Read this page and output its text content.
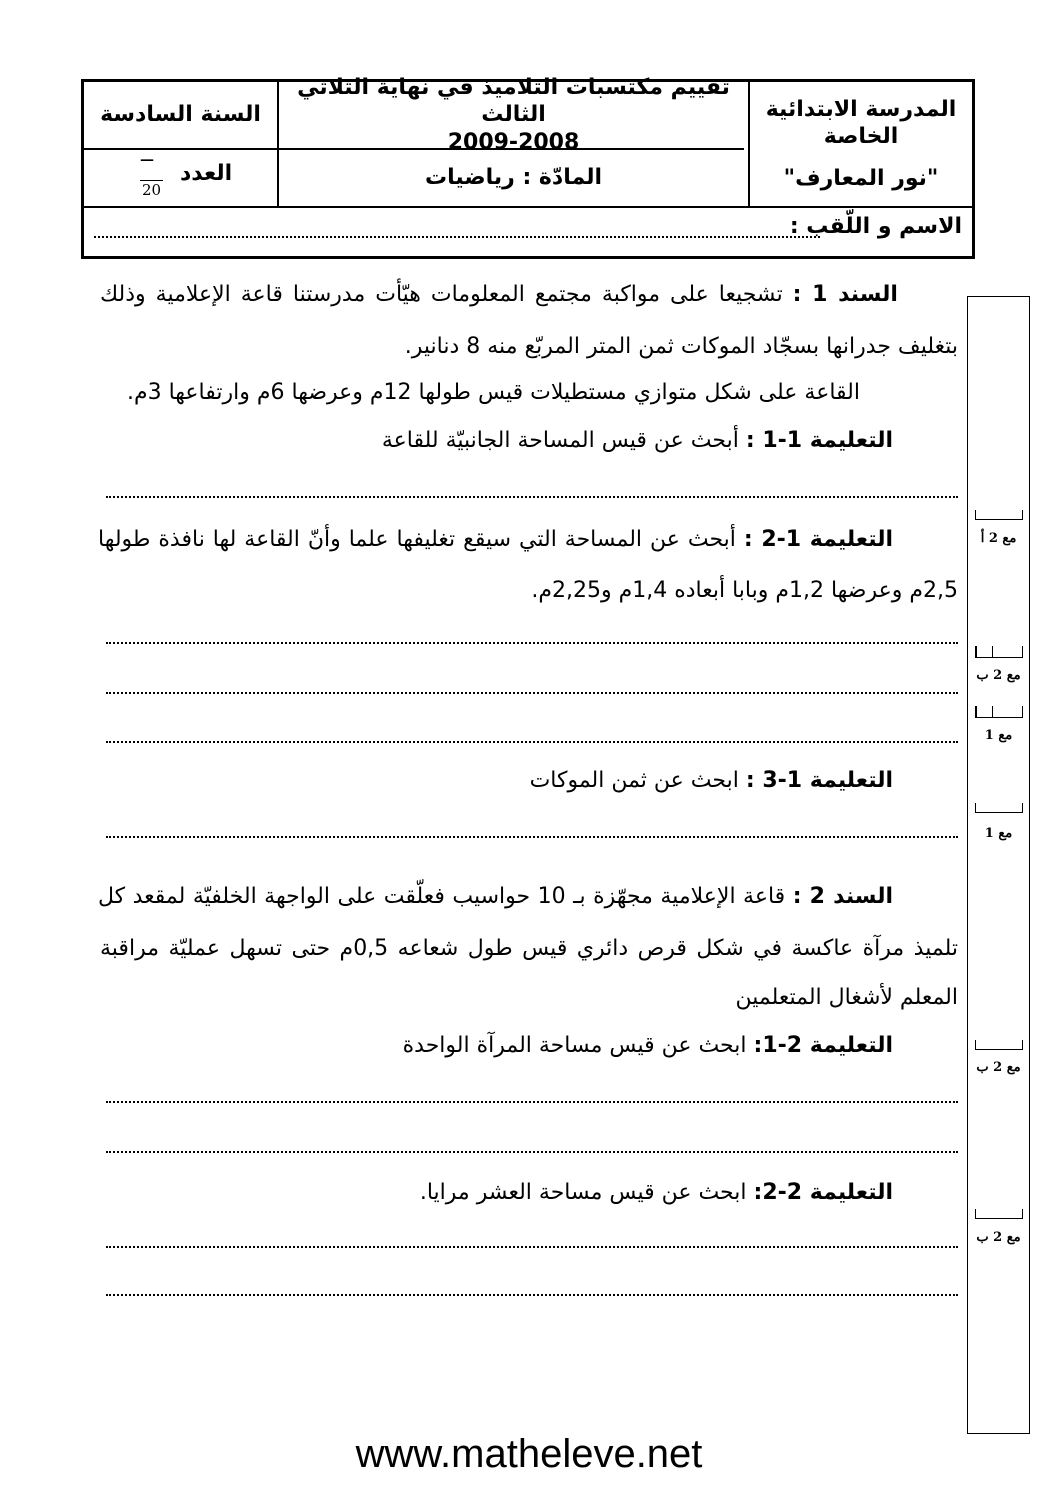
المدرسة الابتدائية الخاصة
"نور المعارف"
تقييم مكتسبات التلاميذ في نهاية الثلاثي الثالث
2009-2008
السنة السادسة
المادّة : رياضيات
العدد
—
20
الاسم و اللّقب :
مع 2 أ
مع 2 ب
مع 1
مع 1
مع 2 ب
مع 2 ب
السند 1 : تشجيعا على مواكبة مجتمع المعلومات هيّأت مدرستنا قاعة الإعلامية وذلك
بتغليف جدرانها بسجّاد الموكات ثمن المتر المربّع منه 8 دنانير.
القاعة على شكل متوازي مستطيلات قيس طولها 12م وعرضها 6م وارتفاعها 3م.
التعليمة 1-1 : أبحث عن قيس المساحة الجانبيّة للقاعة
التعليمة 1-2 : أبحث عن المساحة التي سيقع تغليفها علما وأنّ القاعة لها نافذة طولها
2,5م وعرضها 1,2م وبابا أبعاده 1,4م و2,25م.
التعليمة 1-3 : ابحث عن ثمن الموكات
السند 2 : قاعة الإعلامية مجهّزة بـ 10 حواسيب فعلّقت على الواجهة الخلفيّة لمقعد كل
تلميذ مرآة عاكسة في شكل قرص دائري قيس طول شعاعه 0,5م حتى تسهل عمليّة مراقبة
المعلم لأشغال المتعلمين
التعليمة 2-1: ابحث عن قيس مساحة المرآة الواحدة
التعليمة 2-2: ابحث عن قيس مساحة العشر مرايا.
www.matheleve.net
